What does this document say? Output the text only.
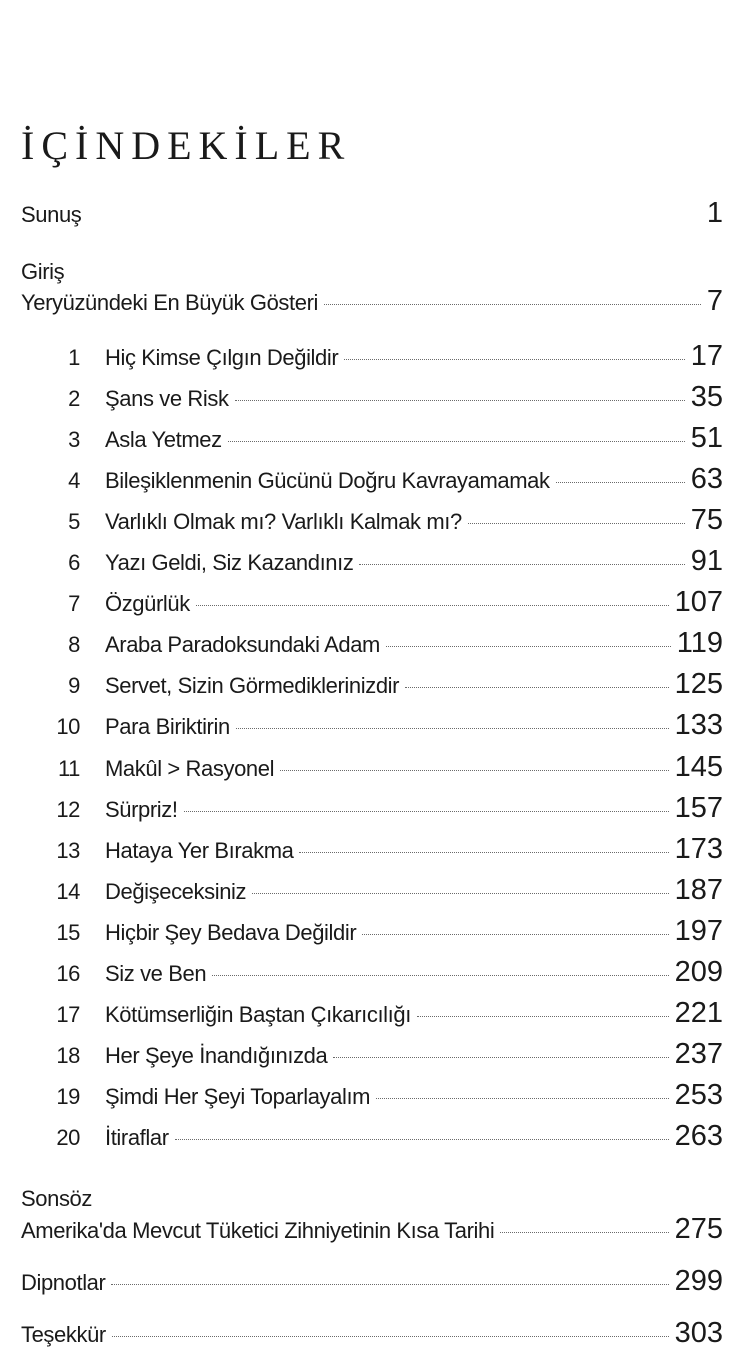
İÇİNDEKİLER
Sunuş	1
Giriş
Yeryüzündeki En Büyük Gösteri	7
1 Hiç Kimse Çılgın Değildir	17
2 Şans ve Risk	35
3 Asla Yetmez	51
4 Bileşiklenmenin Gücünü Doğru Kavrayamamak	63
5 Varlıklı Olmak mı? Varlıklı Kalmak mı?	75
6 Yazı Geldi, Siz Kazandınız	91
7 Özgürlük	107
8 Araba Paradoksundaki Adam	119
9 Servet, Sizin Görmediklerinizdir	125
10 Para Biriktirin	133
11 Makûl > Rasyonel	145
12 Sürpriz!	157
13 Hataya Yer Bırakma	173
14 Değişeceksiniz	187
15 Hiçbir Şey Bedava Değildir	197
16 Siz ve Ben	209
17 Kötümserliğin Baştan Çıkarıcılığı	221
18 Her Şeye İnandığınızda	237
19 Şimdi Her Şeyi Toparlayalım	253
20 İtiraflar	263
Sonsöz
Amerika'da Mevcut Tüketici Zihniyetinin Kısa Tarihi	275
Dipnotlar	299
Teşekkür	303
